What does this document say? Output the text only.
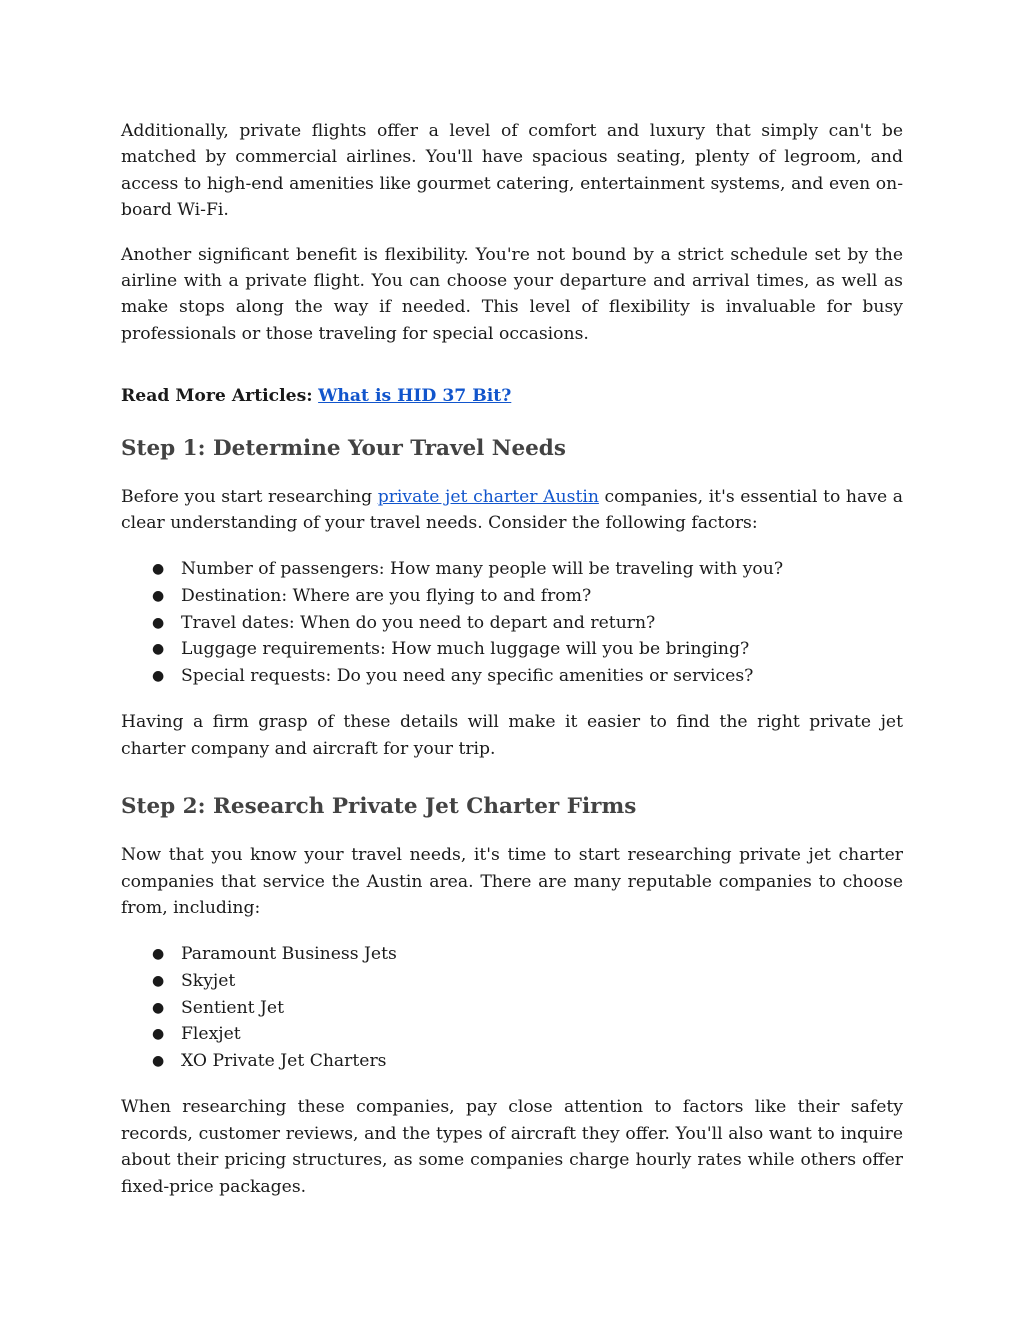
Additionally, private flights offer a level of comfort and luxury that simply can't be matched by commercial airlines. You'll have spacious seating, plenty of legroom, and access to high-end amenities like gourmet catering, entertainment systems, and even on-board Wi-Fi.

Another significant benefit is flexibility. You're not bound by a strict schedule set by the airline with a private flight. You can choose your departure and arrival times, as well as make stops along the way if needed. This level of flexibility is invaluable for busy professionals or those traveling for special occasions.

Read More Articles: What is HID 37 Bit?

Step 1: Determine Your Travel Needs

Before you start researching private jet charter Austin companies, it's essential to have a clear understanding of your travel needs. Consider the following factors:

● Number of passengers: How many people will be traveling with you?
● Destination: Where are you flying to and from?
● Travel dates: When do you need to depart and return?
● Luggage requirements: How much luggage will you be bringing?
● Special requests: Do you need any specific amenities or services?

Having a firm grasp of these details will make it easier to find the right private jet charter company and aircraft for your trip.

Step 2: Research Private Jet Charter Firms

Now that you know your travel needs, it's time to start researching private jet charter companies that service the Austin area. There are many reputable companies to choose from, including:

● Paramount Business Jets
● Skyjet
● Sentient Jet
● Flexjet
● XO Private Jet Charters

When researching these companies, pay close attention to factors like their safety records, customer reviews, and the types of aircraft they offer. You'll also want to inquire about their pricing structures, as some companies charge hourly rates while others offer fixed-price packages.
